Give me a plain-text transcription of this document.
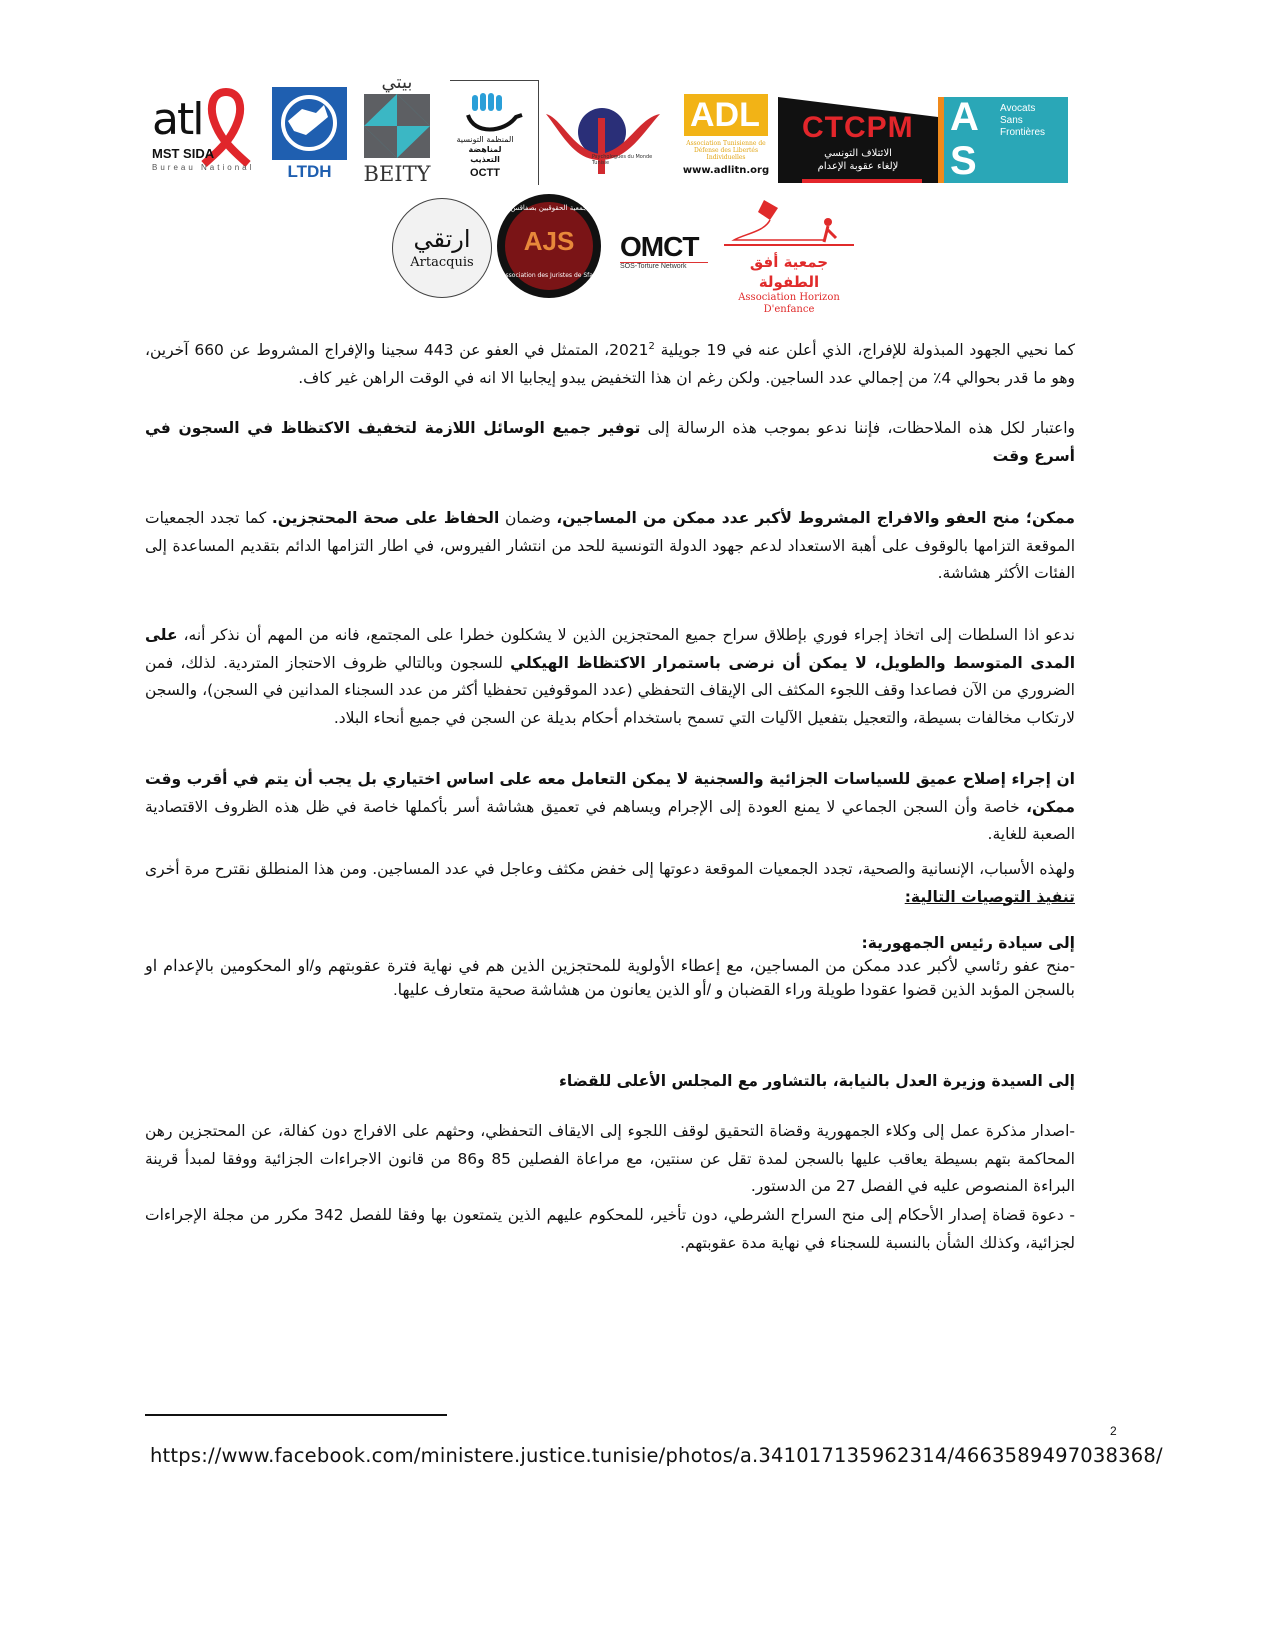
atl
MST SIDA
Bureau National	LTDH
بيتي
BEITY
المنظمة التونسية
لمناهضة
التعذيب
OCTT
Psychologues du Monde Tunisie
ADL
Association Tunisienne de Défense des Libertés Individuelles
www.adlitn.org
CTCPM
الائتلاف التونسي
لإلغاء عقوبة الإعدام
ASF
Avocats
Sans Frontières
ارتقي
Artacquis
جمعية الحقوقيين بصفاقس
AJS
Association des Juristes de Sfax
OMCT
SOS-Torture Network	جمعية أفق الطفولة
Association Horizon D'enfance

كما نحيي الجهود المبذولة للإفراج، الذي أعلن عنه في 19 جويلية 2021$^2$، المتمثل في العفو عن 443 سجينا والإفراج المشروط عن 660 آخرين، وهو ما قدر بحوالي 4٪ من إجمالي عدد الساجين. ولكن رغم ان هذا التخفيض يبدو إيجابيا الا انه في الوقت الراهن غير كاف.

واعتبار لكل هذه الملاحظات، فإننا ندعو بموجب هذه الرسالة إلى توفير جميع الوسائل اللازمة لتخفيف الاكتظاظ في السجون في أسرع وقت

ممكن؛ منح العفو والافراج المشروط لأكبر عدد ممكن من المساجين، وضمان الحفاظ على صحة المحتجزين. كما تجدد الجمعيات الموقعة التزامها بالوقوف على أهبة الاستعداد لدعم جهود الدولة التونسية للحد من انتشار الفيروس، في اطار التزامها الدائم بتقديم المساعدة إلى الفئات الأكثر هشاشة.

ندعو اذا السلطات إلى اتخاذ إجراء فوري بإطلاق سراح جميع المحتجزين الذين لا يشكلون خطرا على المجتمع، فانه من المهم أن نذكر أنه، على المدى المتوسط والطويل، لا يمكن أن نرضى باستمرار الاكتظاظ الهيكلي للسجون وبالتالي ظروف الاحتجاز المتردية. لذلك، فمن الضروري من الآن فصاعدا وقف اللجوء المكثف الى الإيقاف التحفظي (عدد الموقوفين تحفظيا أكثر من عدد السجناء المدانين في السجن)، والسجن لارتكاب مخالفات بسيطة، والتعجيل بتفعيل الآليات التي تسمح باستخدام أحكام بديلة عن السجن في جميع أنحاء البلاد.

ان إجراء إصلاح عميق للسياسات الجزائية والسجنية لا يمكن التعامل معه على اساس اختياري بل يجب أن يتم في أقرب وقت ممكن، خاصة وأن السجن الجماعي لا يمنع العودة إلى الإجرام ويساهم في تعميق هشاشة أسر بأكملها خاصة في ظل هذه الظروف الاقتصادية الصعبة للغاية.

ولهذه الأسباب، الإنسانية والصحية، تجدد الجمعيات الموقعة دعوتها إلى خفض مكثف وعاجل في عدد المساجين. ومن هذا المنطلق نقترح مرة أخرى تنفيذ التوصيات التالية:

إلى سيادة رئيس الجمهورية:

-منح عفو رئاسي لأكبر عدد ممكن من المساجين، مع إعطاء الأولوية للمحتجزين الذين هم في نهاية فترة عقوبتهم و/او المحكومين بالإعدام او بالسجن المؤبد الذين قضوا عقودا طويلة وراء القضبان و /أو الذين يعانون من هشاشة صحية متعارف عليها.

إلى السيدة وزيرة العدل بالنيابة، بالتشاور مع المجلس الأعلى للقضاء

-اصدار مذكرة عمل إلى وكلاء الجمهورية وقضاة التحقيق لوقف اللجوء إلى الايقاف التحفظي، وحثهم على الافراج دون كفالة، عن المحتجزين رهن المحاكمة بتهم بسيطة يعاقب عليها بالسجن لمدة تقل عن سنتين، مع مراعاة الفصلين 85 و86 من قانون الاجراءات الجزائية ووفقا لمبدأ قرينة البراءة المنصوص عليه في الفصل 27 من الدستور.

- دعوة قضاة إصدار الأحكام إلى منح السراح الشرطي، دون تأخير، للمحكوم عليهم الذين يتمتعون بها وفقا للفصل 342 مكرر من مجلة الإجراءات لجزائية، وكذلك الشأن بالنسبة للسجناء في نهاية مدة عقوبتهم.

2
https://www.facebook.com/ministere.justice.tunisie/photos/a.341017135962314/4663589497038368/
